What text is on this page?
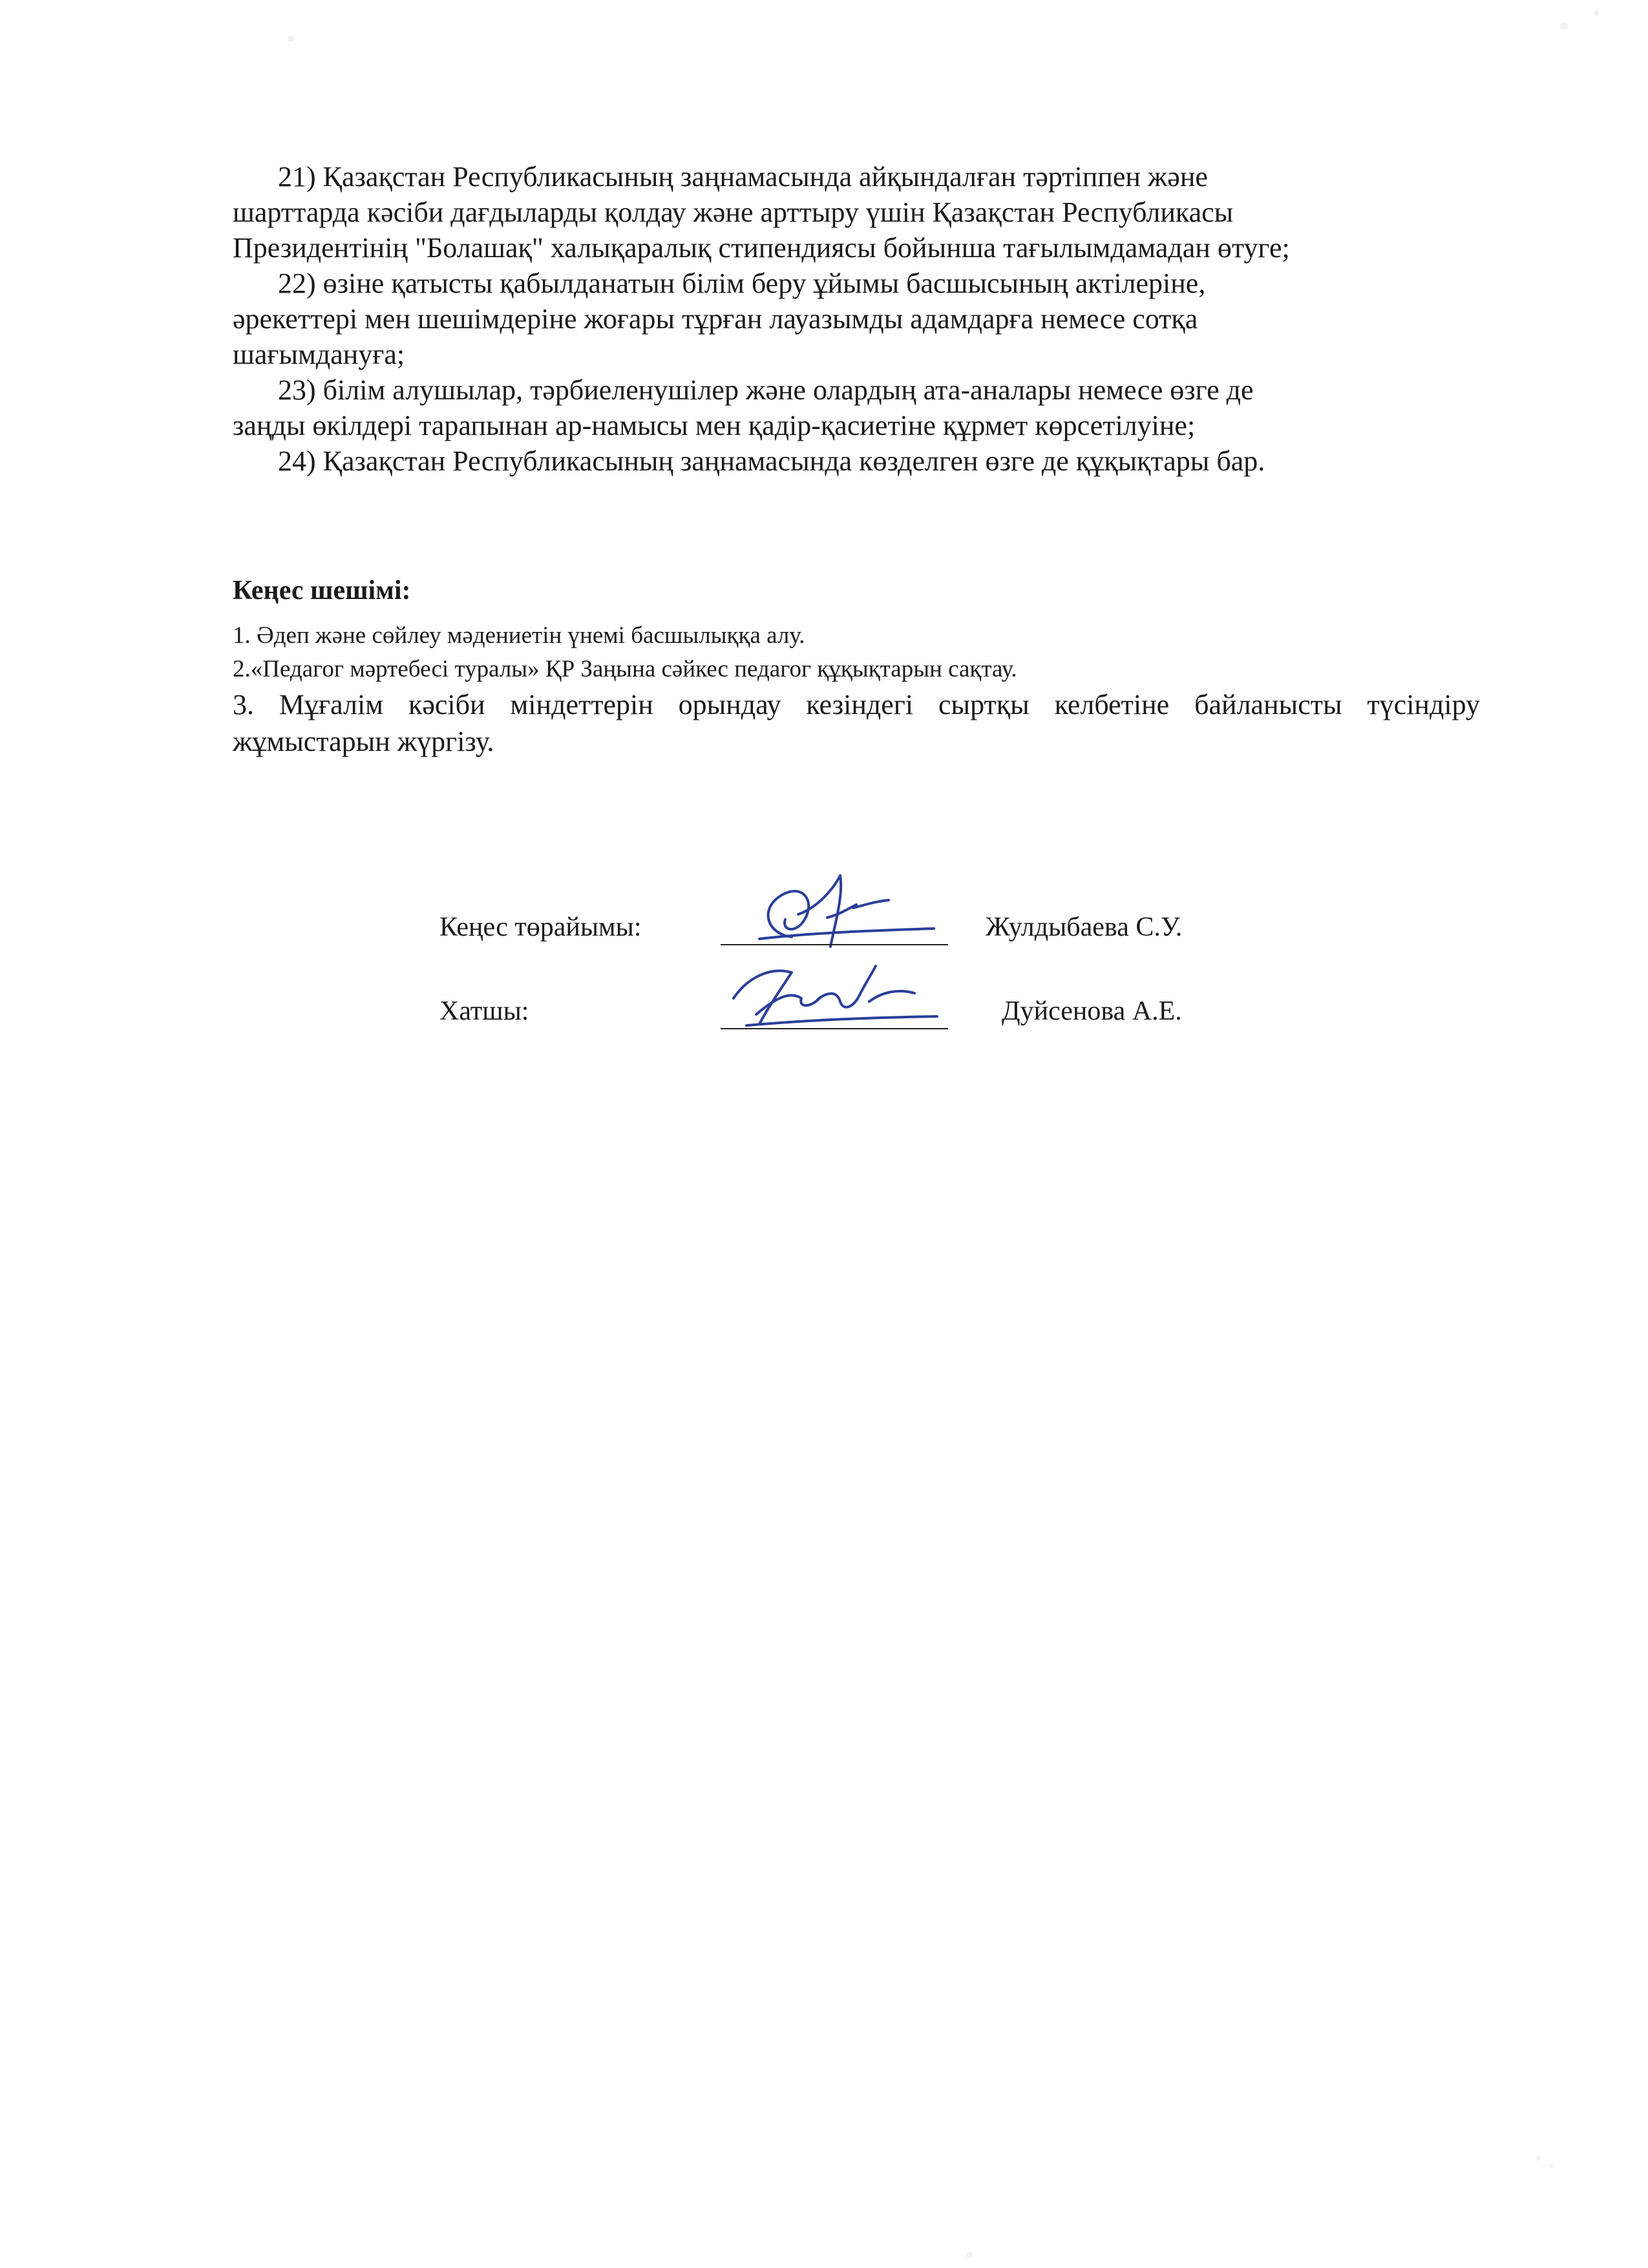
21) Қазақстан Республикасының заңнамасында айқындалған тәртіппен және

шарттарда кәсіби дағдыларды қолдау және арттыру үшін Қазақстан Республикасы

Президентінің "Болашақ" халықаралық стипендиясы бойынша тағылымдамадан өтуге;

22) өзіне қатысты қабылданатын білім беру ұйымы басшысының актілеріне,

әрекеттері мен шешімдеріне жоғары тұрған лауазымды адамдарға немесе сотқа

шағымдануға;

23) білім алушылар, тәрбиеленушілер және олардың ата-аналары немесе өзге де

заңды өкілдері тарапынан ар-намысы мен қадір-қасиетіне құрмет көрсетілуіне;

24) Қазақстан Республикасының заңнамасында көзделген өзге де құқықтары бар.

Кеңес шешімі:

1. Әдеп және сөйлеу мәдениетін үнемі басшылыққа алу.

2.«Педагог мәртебесі туралы» ҚР Заңына сәйкес педагог құқықтарын сақтау.

3. Мұғалім кәсіби міндеттерін орындау кезіндегі сыртқы келбетіне байланысты түсіндіру жұмыстарын жүргізу.

Кеңес төрайымы:	Жулдыбаева С.У.
Хатшы:	Дуйсенова А.Е.
